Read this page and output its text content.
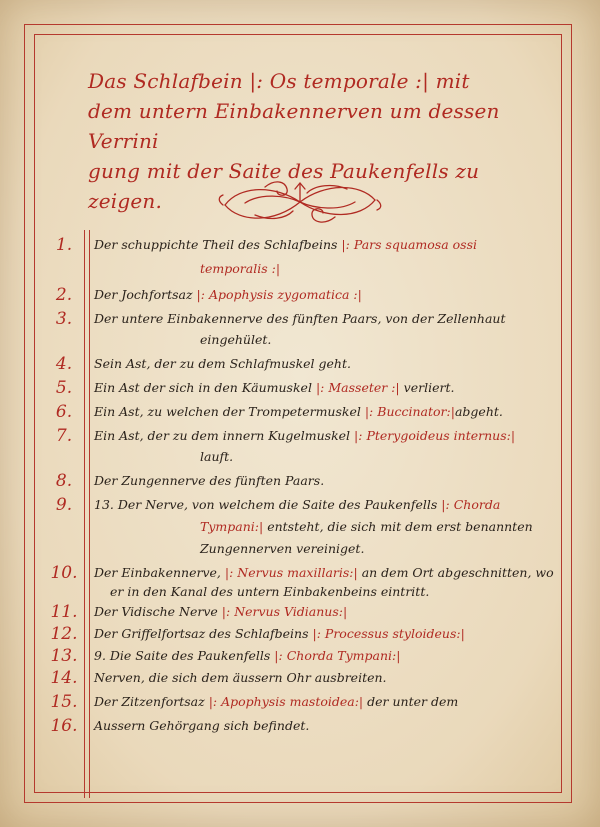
Das Schlafbein |: Os temporale :| mit
dem untern Einbakennerven um dessen Verrini
gung mit der Saite des Paukenfells zu zeigen.
1.	Der schuppichte Theil des Schlafbeins |: Pars squamosa ossi
temporalis :|
2.	Der Jochfortsaz |: Apophysis zygomatica :|
3.	Der untere Einbakennerve des fünften Paars, von der Zellenhaut
eingehület.
4.	Sein Ast, der zu dem Schlafmuskel geht.
5.	Ein Ast der sich in den Käumuskel |: Masseter :| verliert.
6.	Ein Ast, zu welchen der Trompetermuskel |: Buccinator:|abgeht.
7.	Ein Ast, der zu dem innern Kugelmuskel |: Pterygoideus internus:|
lauft.
8.	Der Zungennerve des fünften Paars.
9.	13. Der Nerve, von welchem die Saite des Paukenfells |: Chorda
Tympani:| entsteht, die sich mit dem erst benannten
Zungennerven vereiniget.
10.	Der Einbakennerve, |: Nervus maxillaris:| an dem Ort abgeschnitten, wo
er in den Kanal des untern Einbakenbeins eintritt.
11.	Der Vidische Nerve |: Nervus Vidianus:|
12.	Der Griffelfortsaz des Schlafbeins |: Processus styloideus:|
13.	9. Die Saite des Paukenfells |: Chorda Tympani:|
14.	Nerven, die sich dem äussern Ohr ausbreiten.
15.	Der Zitzenfortsaz |: Apophysis mastoidea:| der unter dem
16.	Aussern Gehörgang sich befindet.
